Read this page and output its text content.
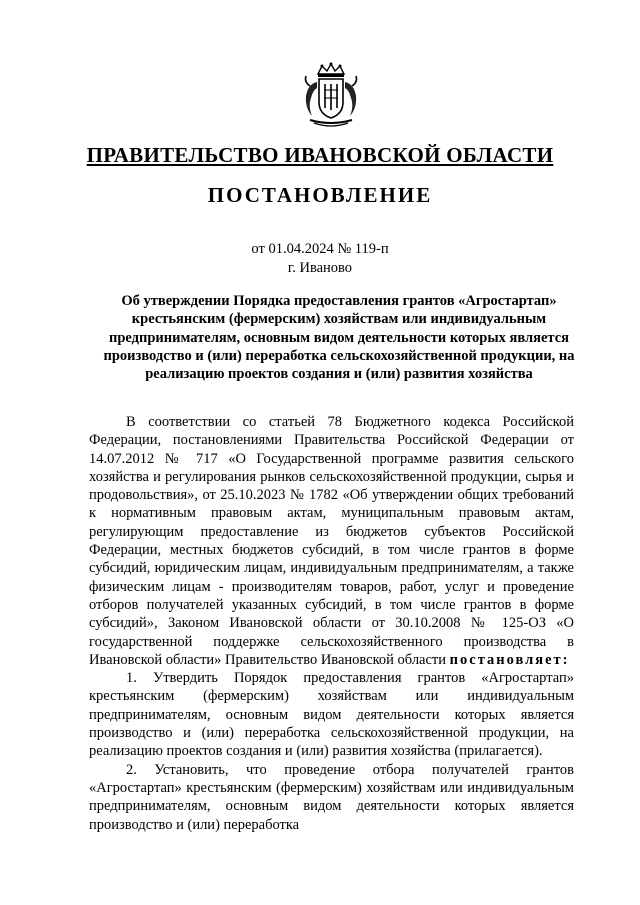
ПРАВИТЕЛЬСТВО ИВАНОВСКОЙ ОБЛАСТИ
ПОСТАНОВЛЕНИЕ
от 01.04.2024 № 119-п
г. Иваново
Об утверждении Порядка предоставления грантов «Агростартап» крестьянским (фермерским) хозяйствам или индивидуальным предпринимателям, основным видом деятельности которых является производство и (или) переработка сельскохозяйственной продукции, на реализацию проектов создания и (или) развития хозяйства

В соответствии со статьей 78 Бюджетного кодекса Российской Федерации, постановлениями Правительства Российской Федерации от 14.07.2012 № 717 «О Государственной программе развития сельского хозяйства и регулирования рынков сельскохозяйственной продукции, сырья и продовольствия», от 25.10.2023 № 1782 «Об утверждении общих требований к нормативным правовым актам, муниципальным правовым актам, регулирующим предоставление из бюджетов субъектов Российской Федерации, местных бюджетов субсидий, в том числе грантов в форме субсидий, юридическим лицам, индивидуальным предпринимателям, а также физическим лицам - производителям товаров, работ, услуг и проведение отборов получателей указанных субсидий, в том числе грантов в форме субсидий», Законом Ивановской области от 30.10.2008 № 125-ОЗ «О государственной поддержке сельскохозяйственного производства в Ивановской области» Правительство Ивановской области постановляет:

1. Утвердить Порядок предоставления грантов «Агростартап» крестьянским (фермерским) хозяйствам или индивидуальным предпринимателям, основным видом деятельности которых является производство и (или) переработка сельскохозяйственной продукции, на реализацию проектов создания и (или) развития хозяйства (прилагается).

2. Установить, что проведение отбора получателей грантов «Агростартап» крестьянским (фермерским) хозяйствам или индивидуальным предпринимателям, основным видом деятельности которых является производство и (или) переработка
